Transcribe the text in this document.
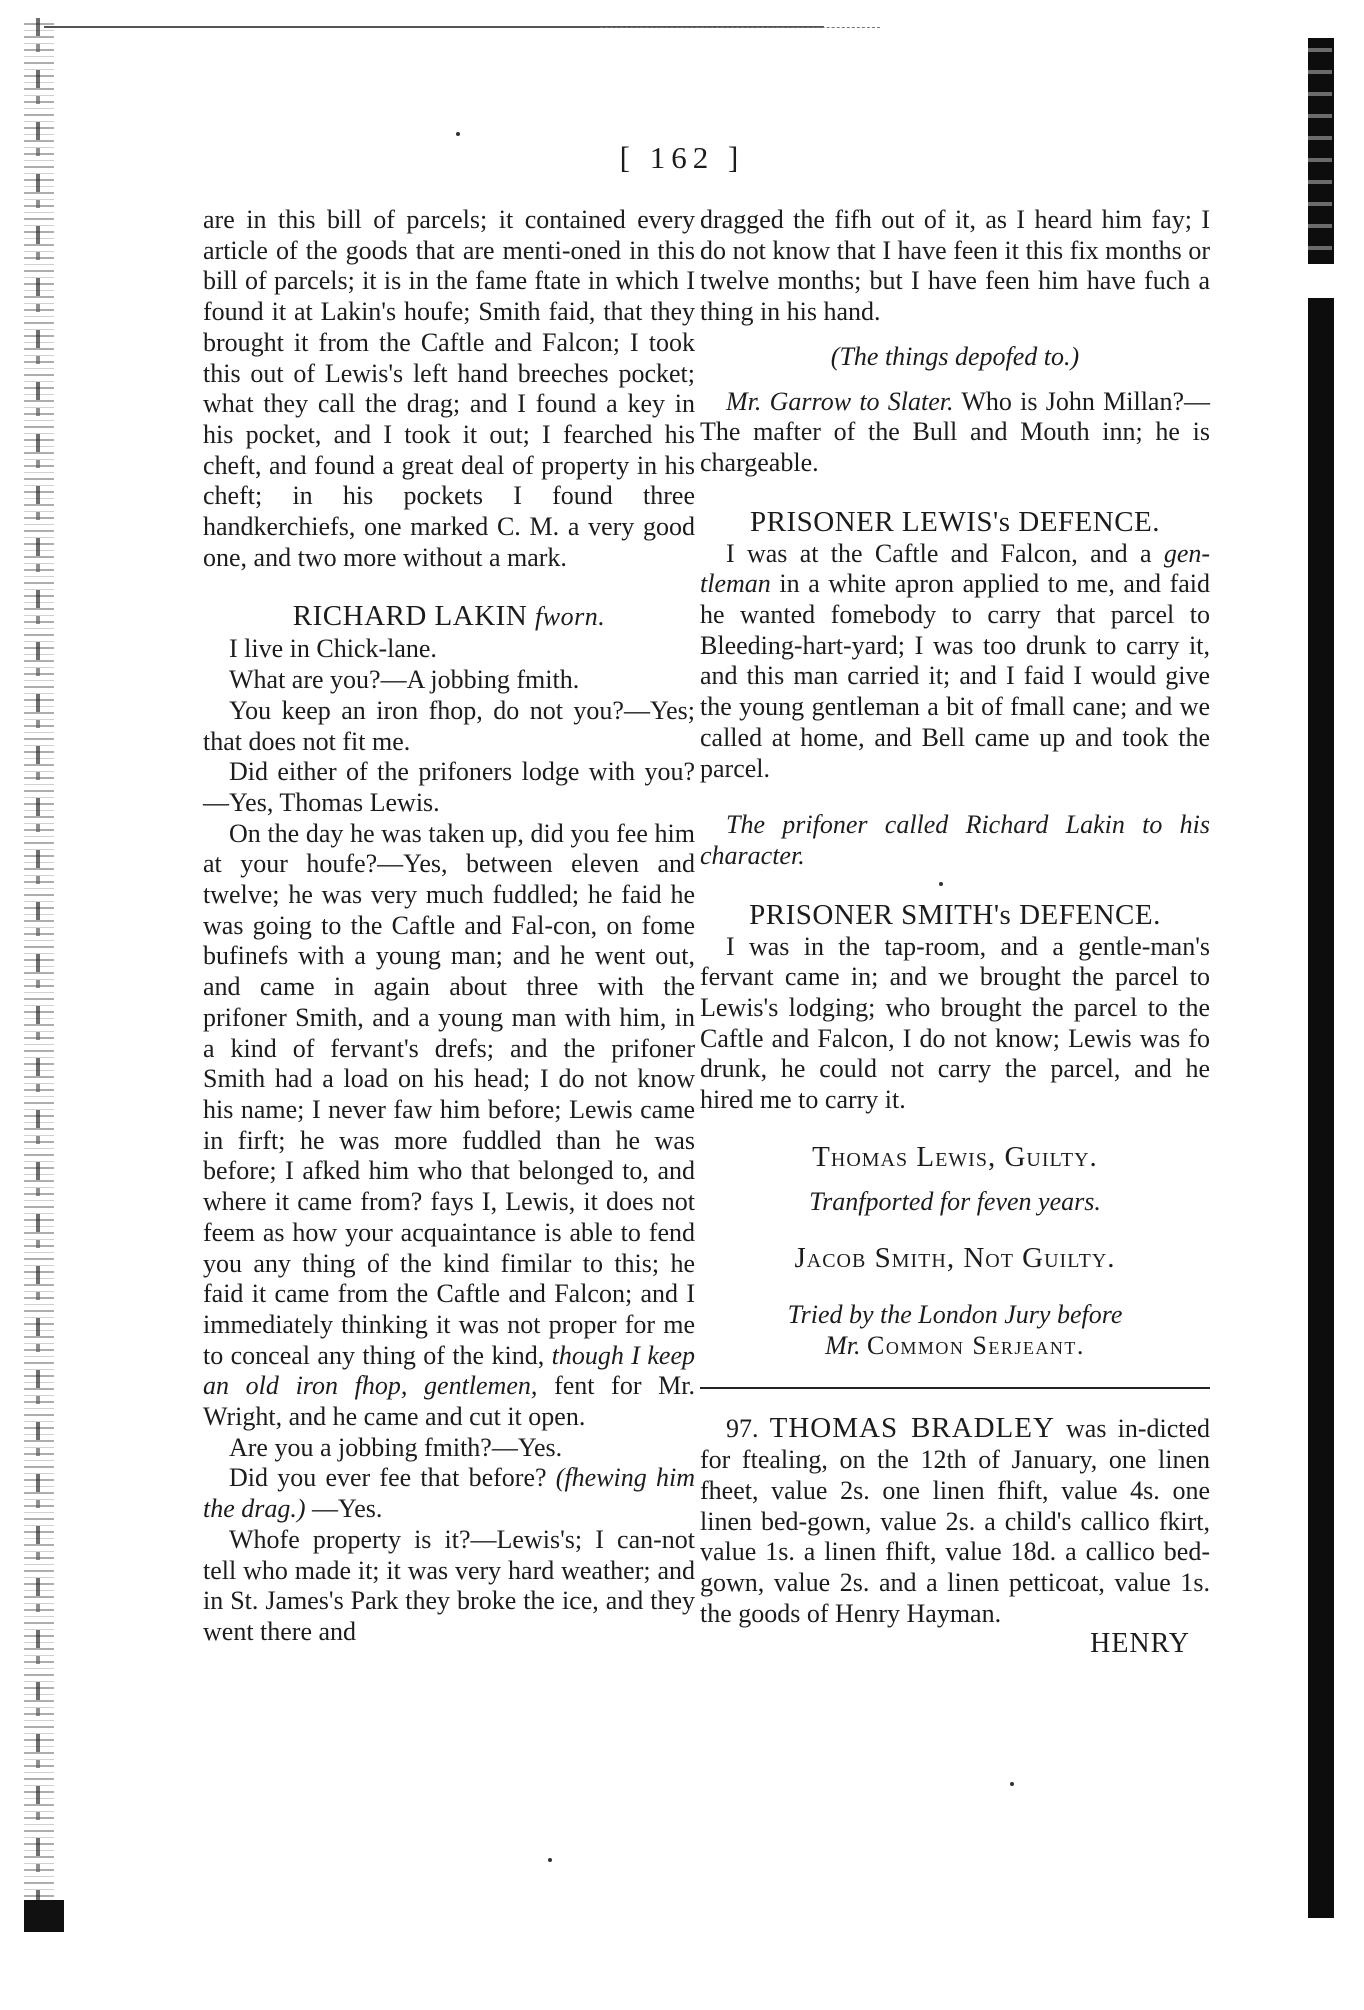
[ 162 ]

are in this bill of parcels; it contained every article of the goods that are menti-oned in this bill of parcels; it is in the fame ftate in which I found it at Lakin's houfe; Smith faid, that they brought it from the Caftle and Falcon; I took this out of Lewis's left hand breeches pocket; what they call the drag; and I found a key in his pocket, and I took it out; I fearched his cheft, and found a great deal of property in his cheft; in his pockets I found three handkerchiefs, one marked C. M. a very good one, and two more without a mark.

RICHARD LAKIN fworn.

I live in Chick-lane.

What are you?—A jobbing fmith.

You keep an iron fhop, do not you?—Yes; that does not fit me.

Did either of the prifoners lodge with you?—Yes, Thomas Lewis.

On the day he was taken up, did you fee him at your houfe?—Yes, between eleven and twelve; he was very much fuddled; he faid he was going to the Caftle and Fal-con, on fome bufinefs with a young man; and he went out, and came in again about three with the prifoner Smith, and a young man with him, in a kind of fervant's drefs; and the prifoner Smith had a load on his head; I do not know his name; I never faw him before; Lewis came in firft; he was more fuddled than he was before; I afked him who that belonged to, and where it came from? fays I, Lewis, it does not feem as how your acquaintance is able to fend you any thing of the kind fimilar to this; he faid it came from the Caftle and Falcon; and I immediately thinking it was not proper for me to conceal any thing of the kind, though I keep an old iron fhop, gentlemen, fent for Mr. Wright, and he came and cut it open.

Are you a jobbing fmith?—Yes.

Did you ever fee that before? (fhewing him the drag.) —Yes.

Whofe property is it?—Lewis's; I can-not tell who made it; it was very hard weather; and in St. James's Park they broke the ice, and they went there and

dragged the fifh out of it, as I heard him fay; I do not know that I have feen it this fix months or twelve months; but I have feen him have fuch a thing in his hand.

(The things depofed to.)

Mr. Garrow to Slater. Who is John Millan?—The mafter of the Bull and Mouth inn; he is chargeable.

PRISONER LEWIS's DEFENCE.

I was at the Caftle and Falcon, and a gen-tleman in a white apron applied to me, and faid he wanted fomebody to carry that parcel to Bleeding-hart-yard; I was too drunk to carry it, and this man carried it; and I faid I would give the young gentleman a bit of fmall cane; and we called at home, and Bell came up and took the parcel.

The prifoner called Richard Lakin to his character.

PRISONER SMITH's DEFENCE.

I was in the tap-room, and a gentle-man's fervant came in; and we brought the parcel to Lewis's lodging; who brought the parcel to the Caftle and Falcon, I do not know; Lewis was fo drunk, he could not carry the parcel, and he hired me to carry it.

Thomas Lewis, Guilty.

Tranfported for feven years.

Jacob Smith, Not Guilty.

Tried by the London Jury before

Mr. Common Serjeant.

97. THOMAS BRADLEY was in-dicted for ftealing, on the 12th of January, one linen fheet, value 2s. one linen fhift, value 4s. one linen bed-gown, value 2s. a child's callico fkirt, value 1s. a linen fhift, value 18d. a callico bed-gown, value 2s. and a linen petticoat, value 1s. the goods of Henry Hayman.

HENRY
